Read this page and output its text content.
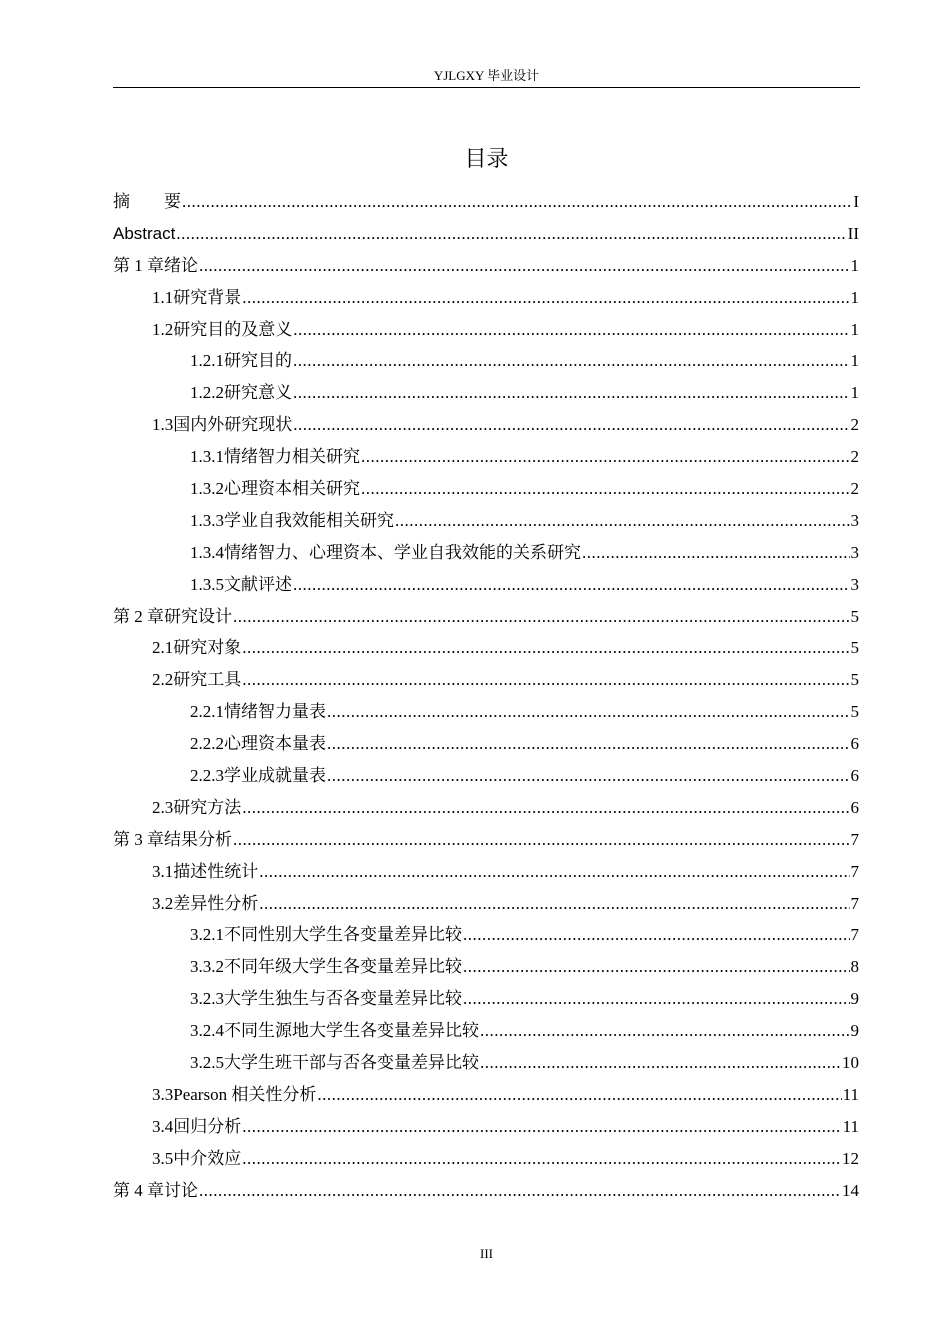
YJLGXY 毕业设计
目录
摘　　要 .....	I
Abstract .....	II
第 1 章 绪论 .....	1
1.1 研究背景 .....	1
1.2 研究目的及意义 .....	1
1.2.1 研究目的 .....	1
1.2.2 研究意义 .....	1
1.3 国内外研究现状 .....	2
1.3.1 情绪智力相关研究 .....	2
1.3.2 心理资本相关研究 .....	2
1.3.3 学业自我效能相关研究 .....	3
1.3.4 情绪智力、心理资本、学业自我效能的关系研究 .....	3
1.3.5 文献评述 .....	3
第 2 章 研究设计 .....	5
2.1 研究对象 .....	5
2.2 研究工具 .....	5
2.2.1 情绪智力量表 .....	5
2.2.2 心理资本量表 .....	6
2.2.3 学业成就量表 .....	6
2.3 研究方法 .....	6
第 3 章 结果分析 .....	7
3.1 描述性统计 .....	7
3.2 差异性分析 .....	7
3.2.1 不同性别大学生各变量差异比较 .....	7
3.3.2 不同年级大学生各变量差异比较 .....	8
3.2.3 大学生独生与否各变量差异比较 .....	9
3.2.4 不同生源地大学生各变量差异比较 .....	9
3.2.5 大学生班干部与否各变量差异比较 .....	10
3.3 Pearson 相关性分析 .....	11
3.4 回归分析 .....	11
3.5 中介效应 .....	12
第 4 章 讨论 .....	14
III
